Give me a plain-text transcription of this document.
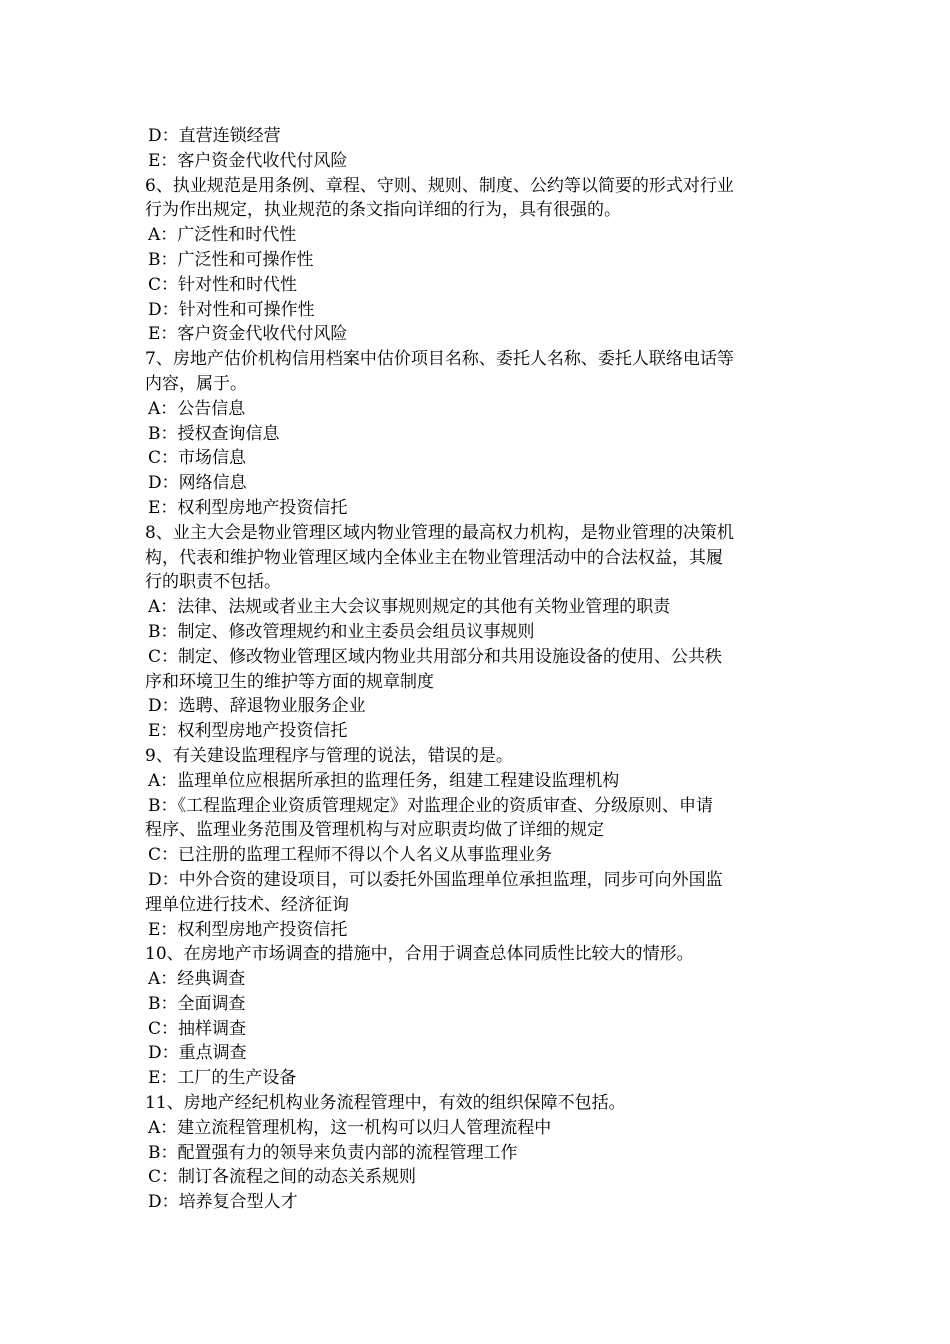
D：直营连锁经营
E：客户资金代收代付风险
6、执业规范是用条例、章程、守则、规则、制度、公约等以简要的形式对行业
行为作出规定，执业规范的条文指向详细的行为，具有很强的。
A：广泛性和时代性
B：广泛性和可操作性
C：针对性和时代性
D：针对性和可操作性
E：客户资金代收代付风险
7、房地产估价机构信用档案中估价项目名称、委托人名称、委托人联络电话等
内容，属于。
A：公告信息
B：授权查询信息
C：市场信息
D：网络信息
E：权利型房地产投资信托
8、业主大会是物业管理区域内物业管理的最高权力机构，是物业管理的决策机
构，代表和维护物业管理区域内全体业主在物业管理活动中的合法权益，其履
行的职责不包括。
A：法律、法规或者业主大会议事规则规定的其他有关物业管理的职责
B：制定、修改管理规约和业主委员会组员议事规则
C：制定、修改物业管理区域内物业共用部分和共用设施设备的使用、公共秩
序和环境卫生的维护等方面的规章制度
D：选聘、辞退物业服务企业
E：权利型房地产投资信托
9、有关建设监理程序与管理的说法，错误的是。
A：监理单位应根据所承担的监理任务，组建工程建设监理机构
B：《工程监理企业资质管理规定》对监理企业的资质审查、分级原则、申请
程序、监理业务范围及管理机构与对应职责均做了详细的规定
C：已注册的监理工程师不得以个人名义从事监理业务
D：中外合资的建设项目，可以委托外国监理单位承担监理，同步可向外国监
理单位进行技术、经济征询
E：权利型房地产投资信托
10、在房地产市场调查的措施中，合用于调查总体同质性比较大的情形。
A：经典调查
B：全面调查
C：抽样调查
D：重点调查
E：工厂的生产设备
11、房地产经纪机构业务流程管理中，有效的组织保障不包括。
A：建立流程管理机构，这一机构可以归人管理流程中
B：配置强有力的领导来负责内部的流程管理工作
C：制订各流程之间的动态关系规则
D：培养复合型人才
